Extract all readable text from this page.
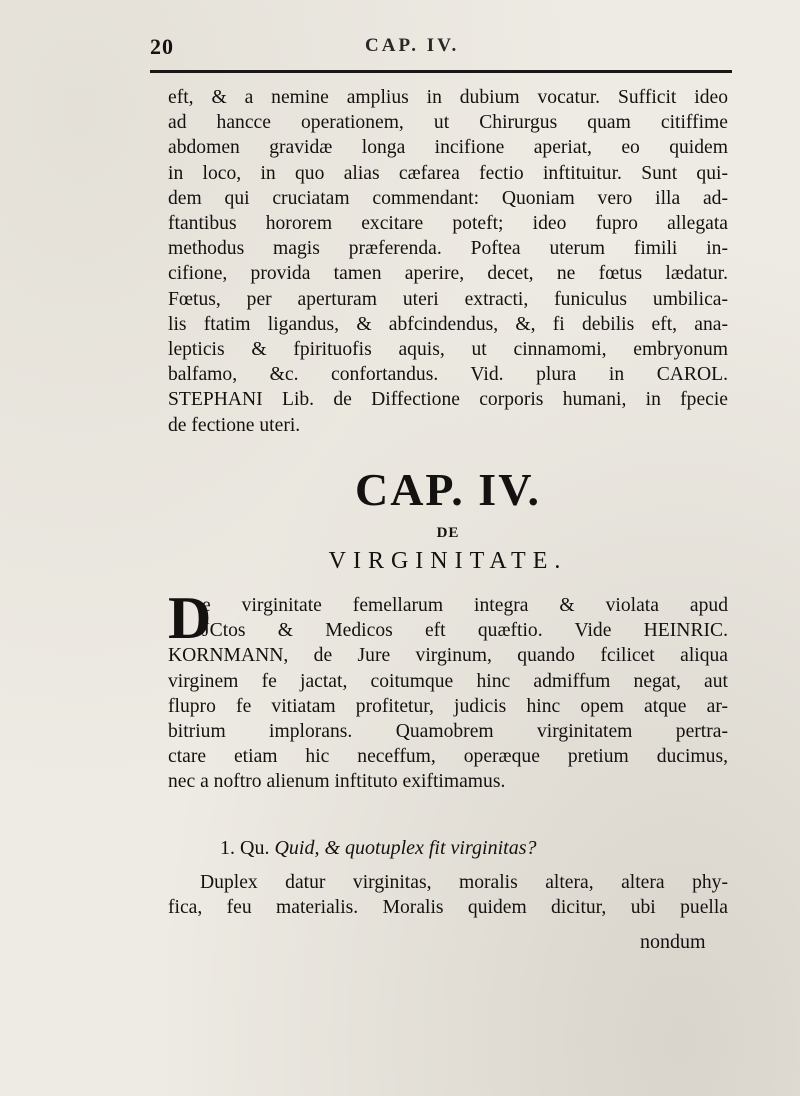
20	CAP. IV.
eft, & a nemine amplius in dubium vocatur. Sufficit ideo
ad hancce operationem, ut Chirurgus quam citiffime
abdomen gravidæ longa incifione aperiat, eo quidem
in loco, in quo alias cæfarea fectio inftituitur. Sunt qui-
dem qui cruciatam commendant: Quoniam vero illa ad-
ftantibus hororem excitare poteft; ideo fupro allegata
methodus magis præferenda. Poftea uterum fimili in-
cifione, provida tamen aperire, decet, ne fœtus lædatur.
Fœtus, per aperturam uteri extracti, funiculus umbilica-
lis ftatim ligandus, & abfcindendus, &, fi debilis eft, ana-
lepticis & fpirituofis aquis, ut cinnamomi, embryonum
balfamo, &c. confortandus. Vid. plura in CAROL.
STEPHANI Lib. de Diffectione corporis humani, in fpecie
de fectione uteri.
CAP. IV.
DE
VIRGINITATE.
D
e virginitate femellarum integra & violata apud
JCtos & Medicos eft quæftio. Vide HEINRIC.
KORNMANN, de Jure virginum, quando fcilicet aliqua
virginem fe jactat, coitumque hinc admiffum negat, aut
flupro fe vitiatam profitetur, judicis hinc opem atque ar-
bitrium implorans. Quamobrem virginitatem pertra-
ctare etiam hic neceffum, operæque pretium ducimus,
nec a noftro alienum inftituto exiftimamus.
1. Qu. Quid, & quotuplex fit virginitas?
Duplex datur virginitas, moralis altera, altera phy-
fica, feu materialis. Moralis quidem dicitur, ubi puella
nondum
